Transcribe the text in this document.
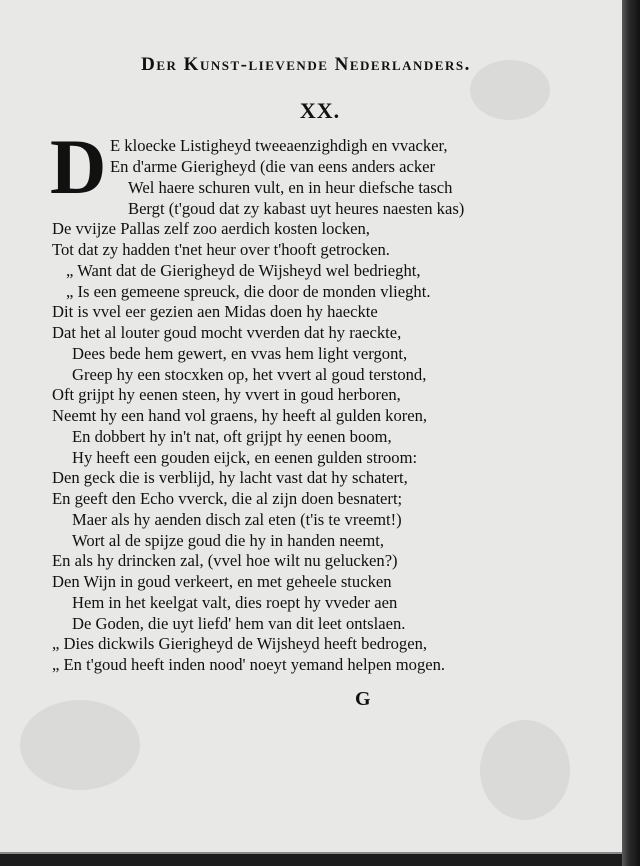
Der Kunst-lievende Nederlanders.
XX.
D E kloecke Listigheyd tweeaenzighdigh en vvacker,
En d'arme Gierigheyd (die van eens anders acker
Wel haere schuren vult, en in heur diefsche tasch
Bergt (t'goud dat zy kabast uyt heures naesten kas)
De vvijze Pallas zelf zoo aerdich kosten locken,
Tot dat zy hadden t'net heur over t'hooft getrocken.
„ Want dat de Gierigheyd de Wijsheyd wel bedrieght,
„ Is een gemeene spreuck, die door de monden vlieght.
Dit is vvel eer gezien aen Midas doen hy haeckte
Dat het al louter goud mocht vverden dat hy raeckte,
Dees bede hem gewert, en vvas hem light vergont,
Greep hy een stocxken op, het vvert al goud terstond,
Oft grijpt hy eenen steen, hy vvert in goud herboren,
Neemt hy een hand vol graens, hy heeft al gulden koren,
En dobbert hy in't nat, oft grijpt hy eenen boom,
Hy heeft een gouden eijck, en eenen gulden stroom:
Den geck die is verblijd, hy lacht vast dat hy schatert,
En geeft den Echo vverck, die al zijn doen besnatert;
Maer als hy aenden disch zal eten (t'is te vreemt!)
Wort al de spijze goud die hy in handen neemt,
En als hy drincken zal, (vvel hoe wilt nu gelucken?)
Den Wijn in goud verkeert, en met geheele stucken
Hem in het keelgat valt, dies roept hy vveder aen
De Goden, die uyt liefd' hem van dit leet ontslaen.
„ Dies dickwils Gierigheyd de Wijsheyd heeft bedrogen,
„ En t'goud heeft inden nood' noeyt yemand helpen mogen.
G
